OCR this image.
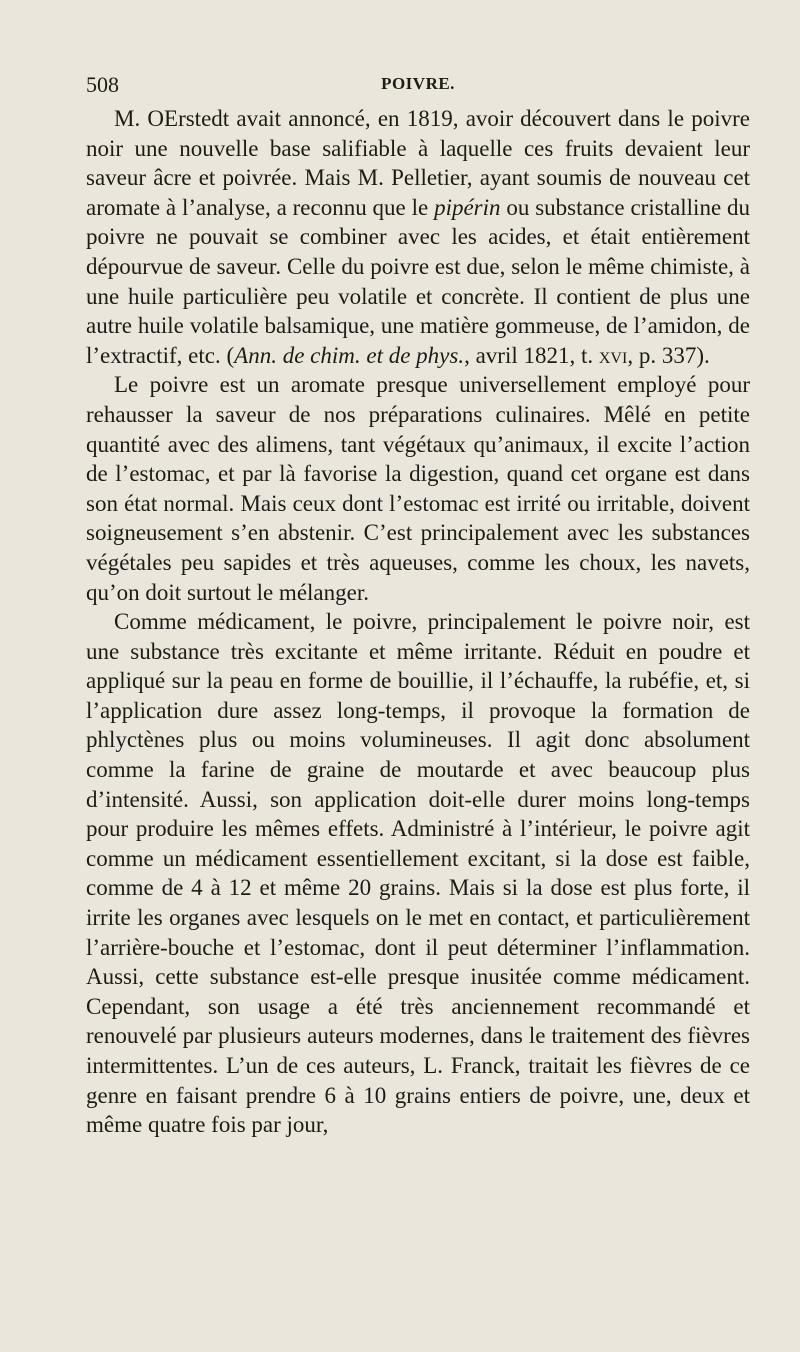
508	POIVRE.

M. OErstedt avait annoncé, en 1819, avoir découvert dans le poivre noir une nouvelle base salifiable à laquelle ces fruits devaient leur saveur âcre et poivrée. Mais M. Pelletier, ayant soumis de nouveau cet aromate à l’analyse, a reconnu que le pipérin ou substance cristalline du poivre ne pouvait se combiner avec les acides, et était entièrement dépourvue de saveur. Celle du poivre est due, selon le même chimiste, à une huile particulière peu volatile et concrète. Il contient de plus une autre huile volatile balsamique, une matière gommeuse, de l’amidon, de l’extractif, etc. (Ann. de chim. et de phys., avril 1821, t. xvi, p. 337).

Le poivre est un aromate presque universellement employé pour rehausser la saveur de nos préparations culinaires. Mêlé en petite quantité avec des alimens, tant végétaux qu’animaux, il excite l’action de l’estomac, et par là favorise la digestion, quand cet organe est dans son état normal. Mais ceux dont l’estomac est irrité ou irritable, doivent soigneusement s’en abstenir. C’est principalement avec les substances végétales peu sapides et très aqueuses, comme les choux, les navets, qu’on doit surtout le mélanger.

Comme médicament, le poivre, principalement le poivre noir, est une substance très excitante et même irritante. Réduit en poudre et appliqué sur la peau en forme de bouillie, il l’échauffe, la rubéfie, et, si l’application dure assez long-temps, il provoque la formation de phlyctènes plus ou moins volumineuses. Il agit donc absolument comme la farine de graine de moutarde et avec beaucoup plus d’intensité. Aussi, son application doit-elle durer moins long-temps pour produire les mêmes effets. Administré à l’intérieur, le poivre agit comme un médicament essentiellement excitant, si la dose est faible, comme de 4 à 12 et même 20 grains. Mais si la dose est plus forte, il irrite les organes avec lesquels on le met en contact, et particulièrement l’arrière-bouche et l’estomac, dont il peut déterminer l’inflammation. Aussi, cette substance est-elle presque inusitée comme médicament. Cependant, son usage a été très anciennement recommandé et renouvelé par plusieurs auteurs modernes, dans le traitement des fièvres intermittentes. L’un de ces auteurs, L. Franck, traitait les fièvres de ce genre en faisant prendre 6 à 10 grains entiers de poivre, une, deux et même quatre fois par jour,
